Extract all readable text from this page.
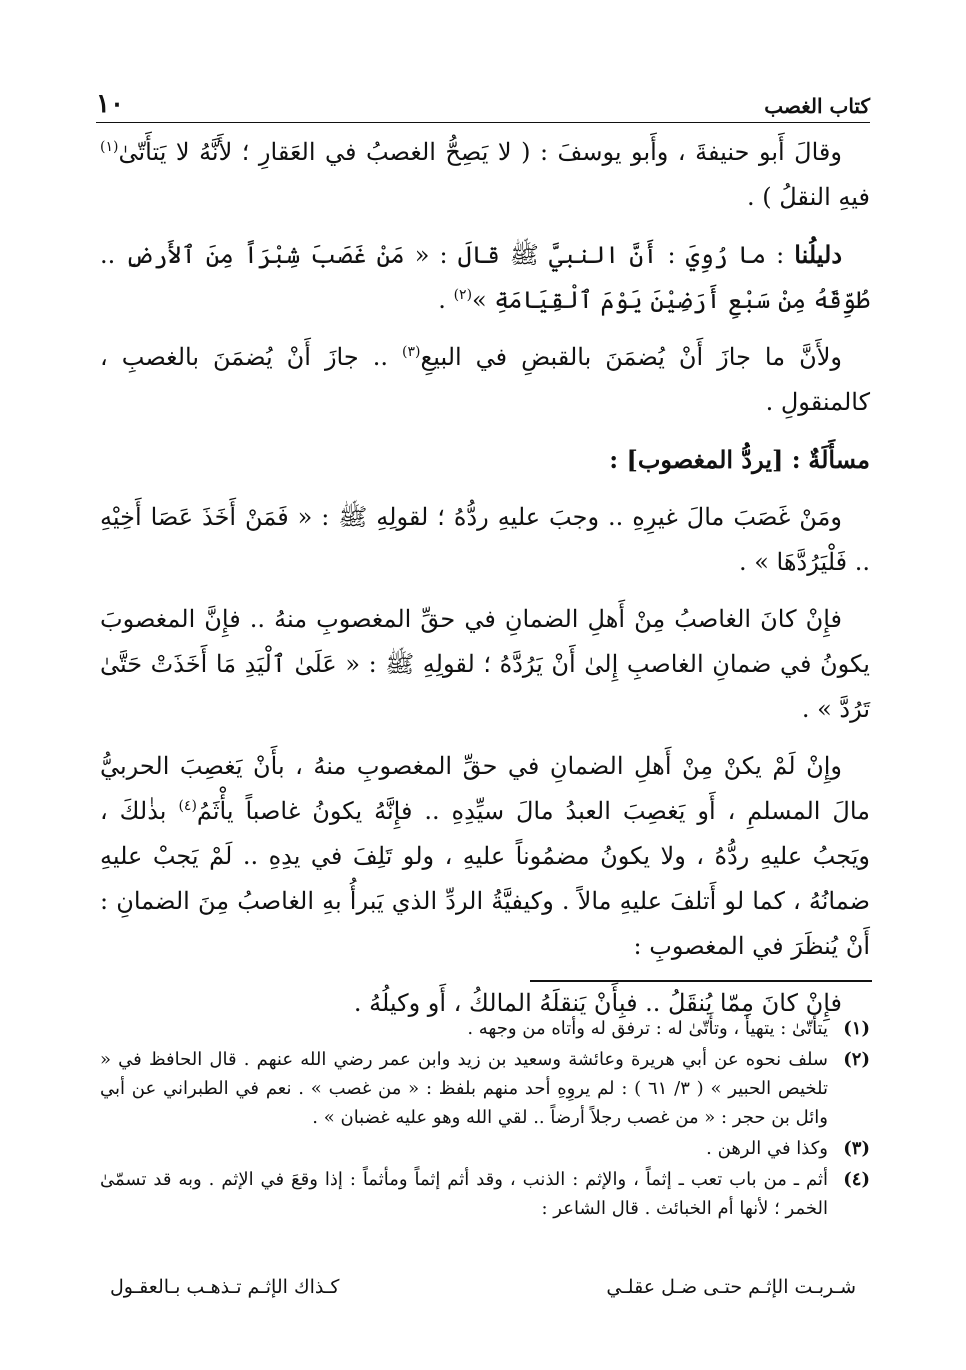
كتاب الغصب
١٠

وقالَ أَبو حنيفةَ ، وأَبو يوسفَ : ( لا يَصِحُّ الغصبُ في العَقارِ ؛ لأَنَّهُ لا يَتأَتّىٰ$^{(١)}$ فيهِ النقلُ ) .

دليلُنا : ما رُوِيَ : أَنَّ النبيَّ ﷺ قالَ : « مَنْ غَصَبَ شِبْرَاً مِنَ ٱلأَرضِ .. طُوِّقَهُ مِنْ سَبْعِ أَرَضِيْنَ يَوْمَ ٱلْقِيَامَةِ »$^{(٢)}$ .

ولأَنَّ ما جازَ أَنْ يُضمَنَ بالقبضِ في البيعِ$^{(٣)}$ .. جازَ أَنْ يُضمَنَ بالغصبِ ، كالمنقولِ .

مسأَلَةٌ : [يردُّ المغصوب] :

ومَنْ غَصَبَ مالَ غيرِهِ .. وجبَ عليهِ ردُّهُ ؛ لقولِهِ ﷺ : « فَمَنْ أَخَذَ عَصَا أَخِيْهِ .. فَلْيَرُدَّهَا » .

فإِنْ كانَ الغاصبُ مِنْ أَهلِ الضمانِ في حقِّ المغصوبِ منهُ .. فإِنَّ المغصوبَ يكونُ في ضمانِ الغاصبِ إِلىٰ أَنْ يَرُدَّهُ ؛ لقولِهِ ﷺ : « عَلَىٰ ٱلْيَدِ مَا أَخَذَتْ حَتَّىٰ تَرُدَّ » .

وإِنْ لَمْ يكنْ مِنْ أَهلِ الضمانِ في حقِّ المغصوبِ منهُ ، بأَنْ يَغصِبَ الحربيُّ مالَ المسلمِ ، أَو يَغصِبَ العبدُ مالَ سيِّدِهِ .. فإِنَّهُ يكونُ غاصباً يأْثَمُ$^{(٤)}$ بذٰلكَ ، ويَجبُ عليهِ ردُّهُ ، ولا يكونُ مضمُوناً عليهِ ، ولو تَلِفَ في يدِهِ .. لَمْ يَجبْ عليهِ ضمانُهُ ، كما لو أَتلفَ عليهِ مالاً . وكيفيَّةُ الردِّ الذي يَبرأُ بهِ الغاصبُ مِنَ الضمانِ : أَنْ يُنظَرَ في المغصوبِ :

فإِنْ كانَ مِمّا يُنقَلُ .. فبِأَنْ يَنقلَهُ المالكُ ، أَو وكيلُهُ .

(١)
يتأتّىٰ : يتهيأ ، وتأَتّىٰ له : ترفق له وأتاه من وجهه .
(٢)
سلف نحوه عن أبي هريرة وعائشة وسعيد بن زيد وابن عمر رضي الله عنهم . قال الحافظ في « تلخيص الحبير » ( ٣/ ٦١ ) : لم يروِهِ أحد منهم بلفظ : « من غصب » . نعم في الطبراني عن أبي وائل بن حجر : « من غصب رجلاً أرضاً .. لقي الله وهو عليه غضبان » .
(٣)
وكذا في الرهن .
(٤)
أثم ـ من باب تعب ـ إثماً ، والإثم : الذنب ، وقد أثم إثماً ومأثماً : إذا وقعَ في الإثم . وبه قد تسمّىٰ الخمر ؛ لأنها أم الخبائث . قال الشاعر :
شـربـت الإثـم حتـى ضـل عقلـي
كـذاك الإثـم تـذهـب بـالعقـول
